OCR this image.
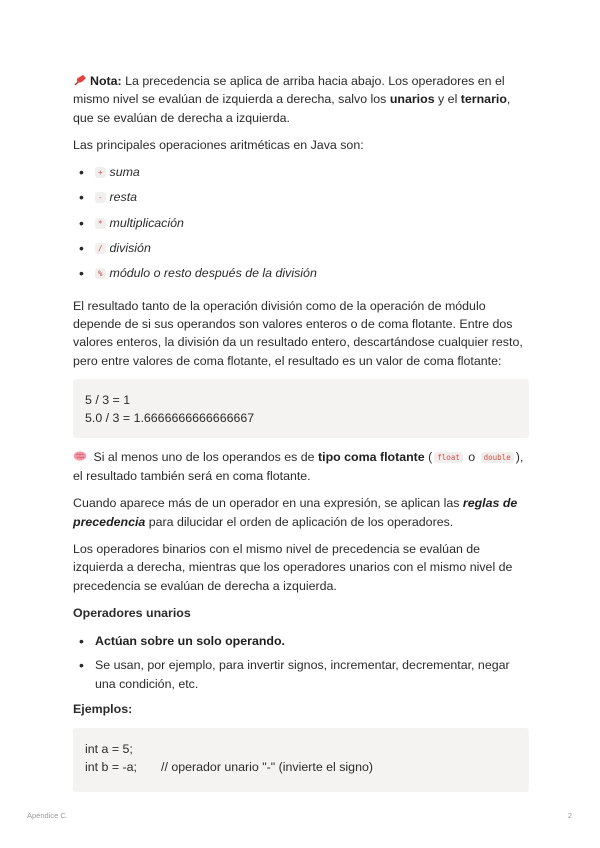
Nota: La precedencia se aplica de arriba hacia abajo. Los operadores en el mismo nivel se evalúan de izquierda a derecha, salvo los unarios y el ternario, que se evalúan de derecha a izquierda.

Las principales operaciones aritméticas en Java son:

•
+ suma
•
- resta
•
* multiplicación
•
/ división
•
% módulo o resto después de la división

El resultado tanto de la operación división como de la operación de módulo depende de si sus operandos son valores enteros o de coma flotante. Entre dos valores enteros, la división da un resultado entero, descartándose cualquier resto, pero entre valores de coma flotante, el resultado es un valor de coma flotante:

5 / 3 = 1
5.0 / 3 = 1.6666666666666667

Si al menos uno de los operandos es de tipo coma flotante ( float o double ), el resultado también será en coma flotante.

Cuando aparece más de un operador en una expresión, se aplican las reglas de precedencia para dilucidar el orden de aplicación de los operadores.

Los operadores binarios con el mismo nivel de precedencia se evalúan de izquierda a derecha, mientras que los operadores unarios con el mismo nivel de precedencia se evalúan de derecha a izquierda.

Operadores unarios
•
Actúan sobre un solo operando.
•
Se usan, por ejemplo, para invertir signos, incrementar, decrementar, negar una condición, etc.
Ejemplos:
int a = 5;
int b = -a; // operador unario "-" (invierte el signo)
Apéndice C.	2
